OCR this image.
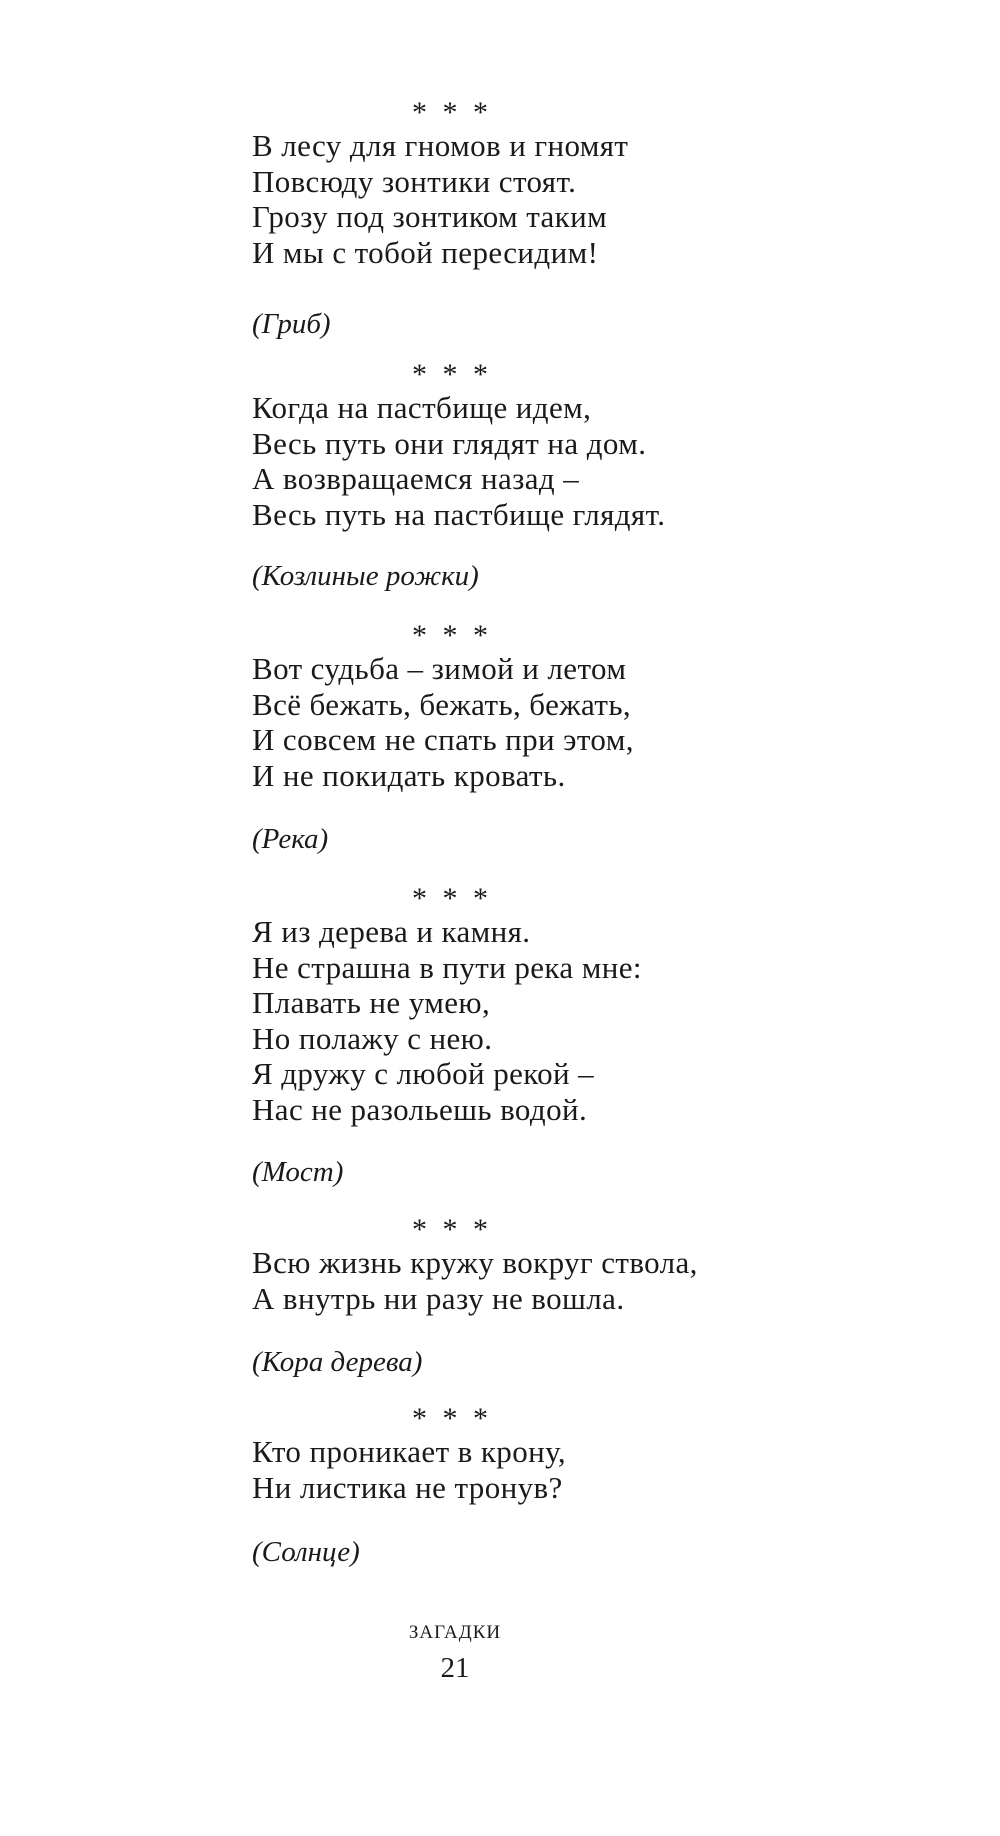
* * *
В лесу для гномов и гномят
Повсюду зонтики стоят.
Грозу под зонтиком таким
И мы с тобой пересидим!
(Гриб)
* * *
Когда на пастбище идем,
Весь путь они глядят на дом.
А возвращаемся назад –
Весь путь на пастбище глядят.
(Козлиные рожки)
* * *
Вот судьба – зимой и летом
Всё бежать, бежать, бежать,
И совсем не спать при этом,
И не покидать кровать.
(Река)
* * *
Я из дерева и камня.
Не страшна в пути река мне:
Плавать не умею,
Но полажу с нею.
Я дружу с любой рекой –
Нас не разольешь водой.
(Мост)
* * *
Всю жизнь кружу вокруг ствола,
А внутрь ни разу не вошла.
(Кора дерева)
* * *
Кто проникает в крону,
Ни листика не тронув?
(Солнце)
ЗАГАДКИ
21
